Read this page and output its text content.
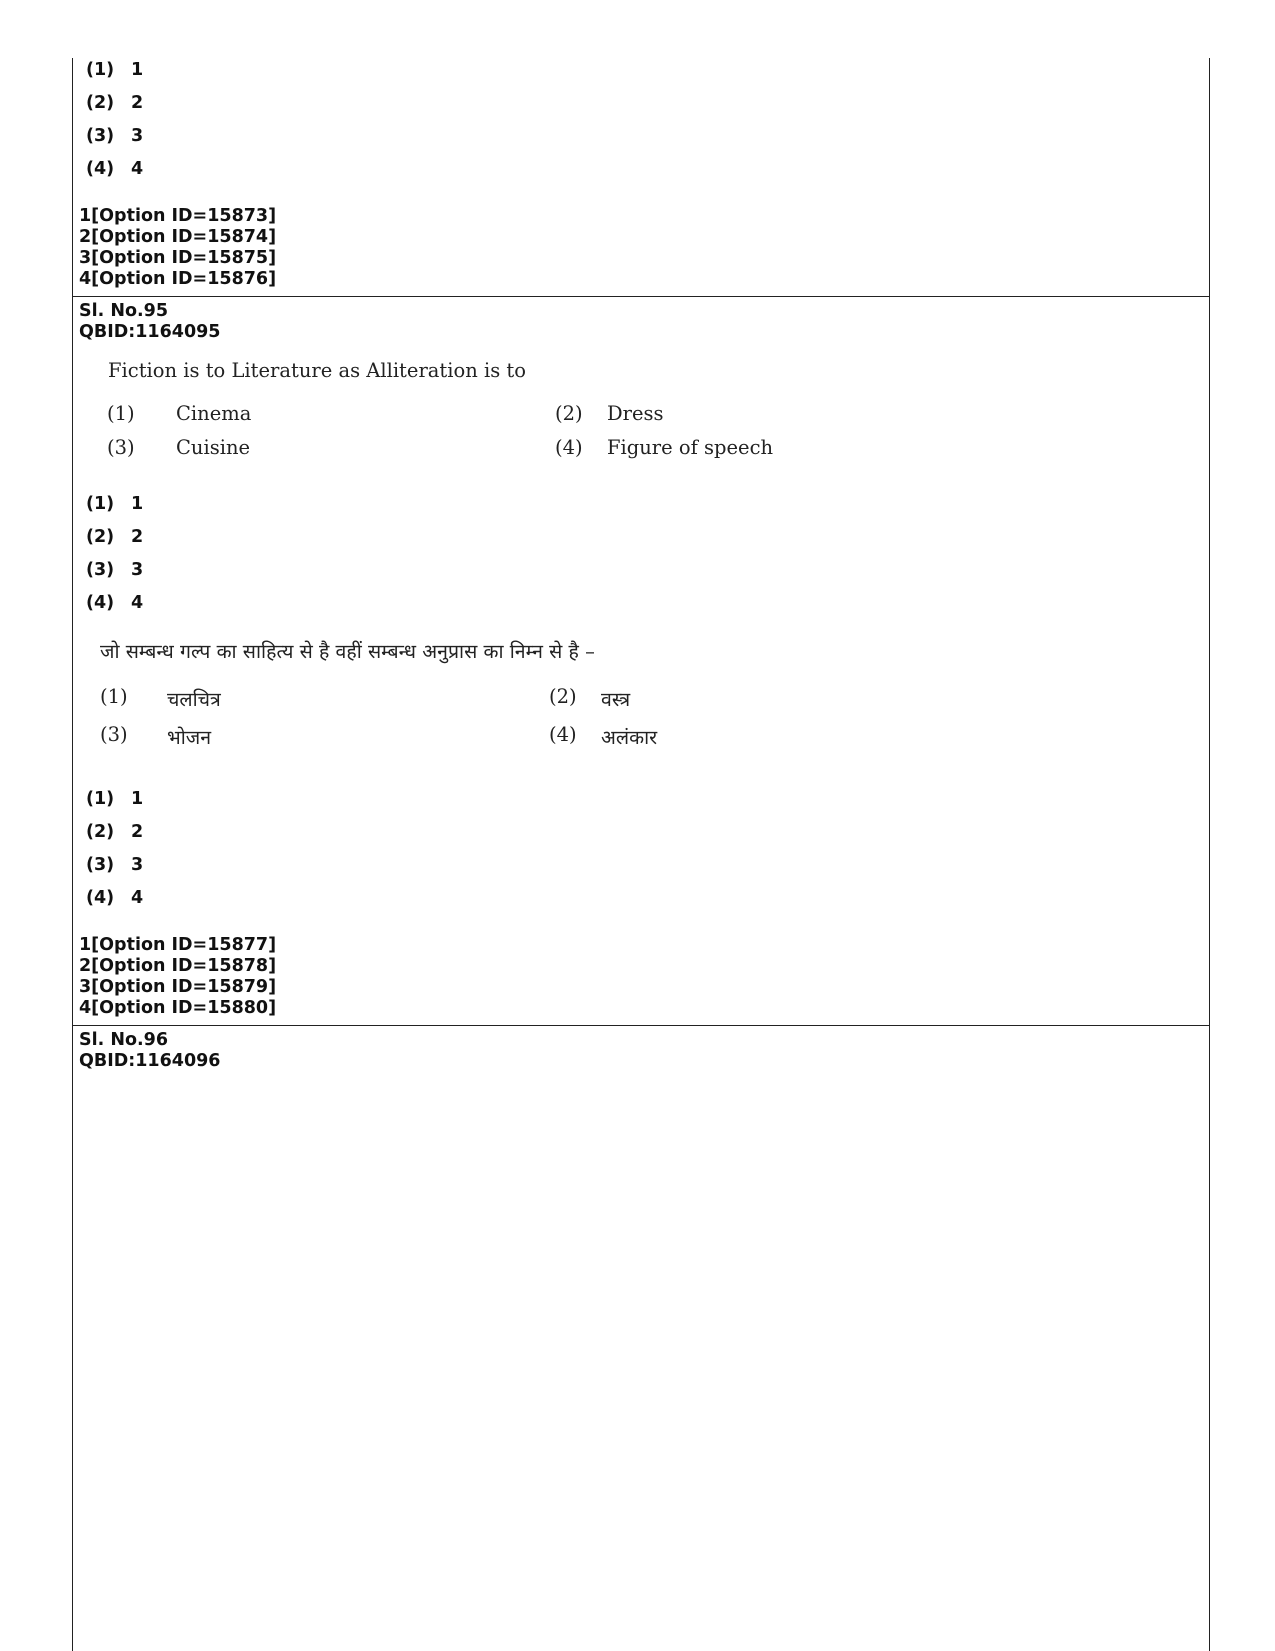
(1) 1
(2) 2
(3) 3
(4) 4
1[Option ID=15873]
2[Option ID=15874]
3[Option ID=15875]
4[Option ID=15876]
Sl. No.95
QBID:1164095
Fiction is to Literature as Alliteration is to
(1) Cinema	(2) Dress
(3) Cuisine	(4) Figure of speech
(1) 1
(2) 2
(3) 3
(4) 4
जो सम्बन्ध गल्प का साहित्य से है वहीं सम्बन्ध अनुप्रास का निम्न से है –
(1) चलचित्र	(2) वस्त्र
(3) भोजन	(4) अलंकार
(1) 1
(2) 2
(3) 3
(4) 4
1[Option ID=15877]
2[Option ID=15878]
3[Option ID=15879]
4[Option ID=15880]
Sl. No.96
QBID:1164096
